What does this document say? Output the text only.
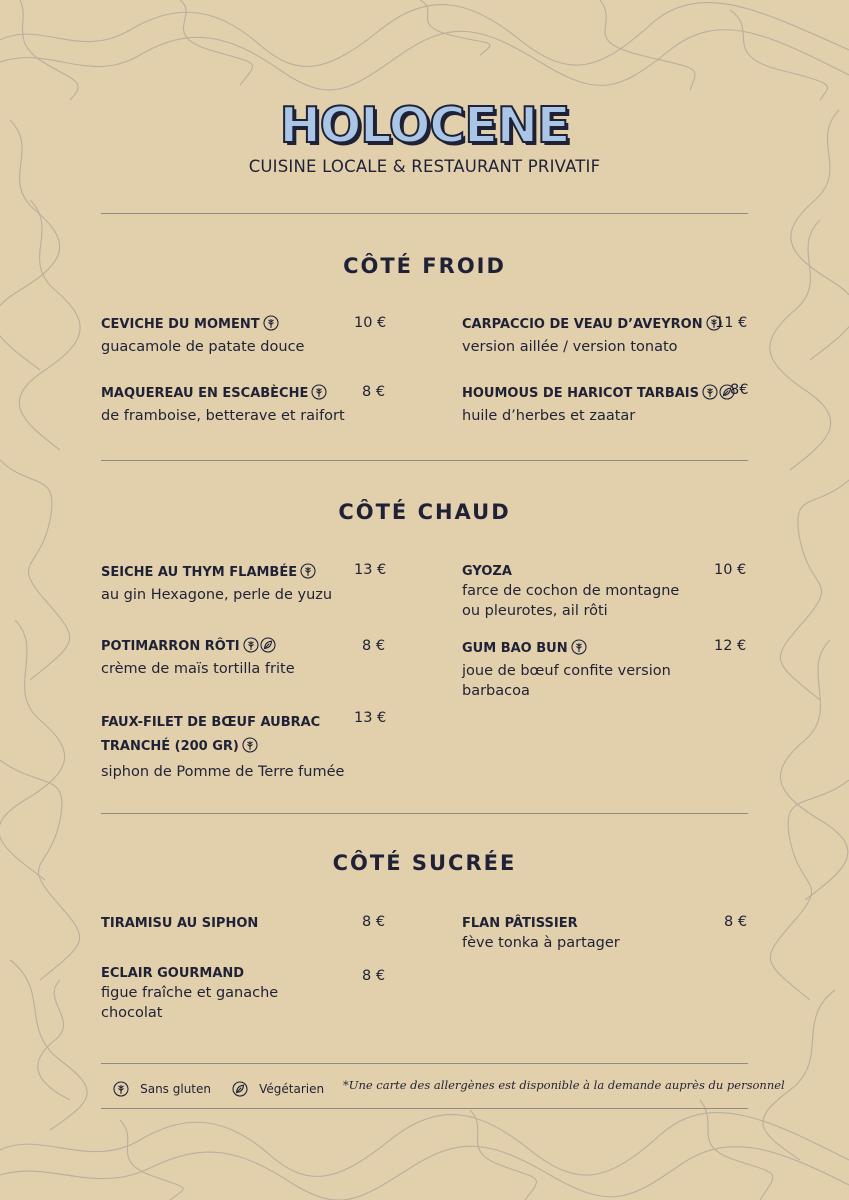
HOLOCENE
CUISINE LOCALE & RESTAURANT PRIVATIF
CÔTÉ FROID
CEVICHE DU MOMENT
guacamole de patate douce
10 €
MAQUEREAU EN ESCABÈCHE
de framboise, betterave et raifort
8 €
CARPACCIO DE VEAU D’AVEYRON
version aillée / version tonato
11 €
HOUMOUS DE HARICOT TARBAIS
huile d’herbes et zaatar
8€
CÔTÉ CHAUD
SEICHE AU THYM FLAMBÉE
au gin Hexagone, perle de yuzu
13 €
POTIMARRON RÔTI
crème de maïs tortilla frite
8 €
FAUX-FILET DE BŒUF AUBRAC
TRANCHÉ (200 GR)
siphon de Pomme de Terre fumée
13 €
GYOZA
farce de cochon de montagne
ou pleurotes, ail rôti
10 €
GUM BAO BUN
joue de bœuf confite version
barbacoa
12 €
CÔTÉ SUCRÉE
TIRAMISU AU SIPHON	8 €
ECLAIR GOURMAND
figue fraîche et ganache
chocolat
8 €
FLAN PÂTISSIER
fève tonka à partager
8 €
Sans gluten	Végétarien *Une carte des allergènes est disponible à la demande auprès du personnel
